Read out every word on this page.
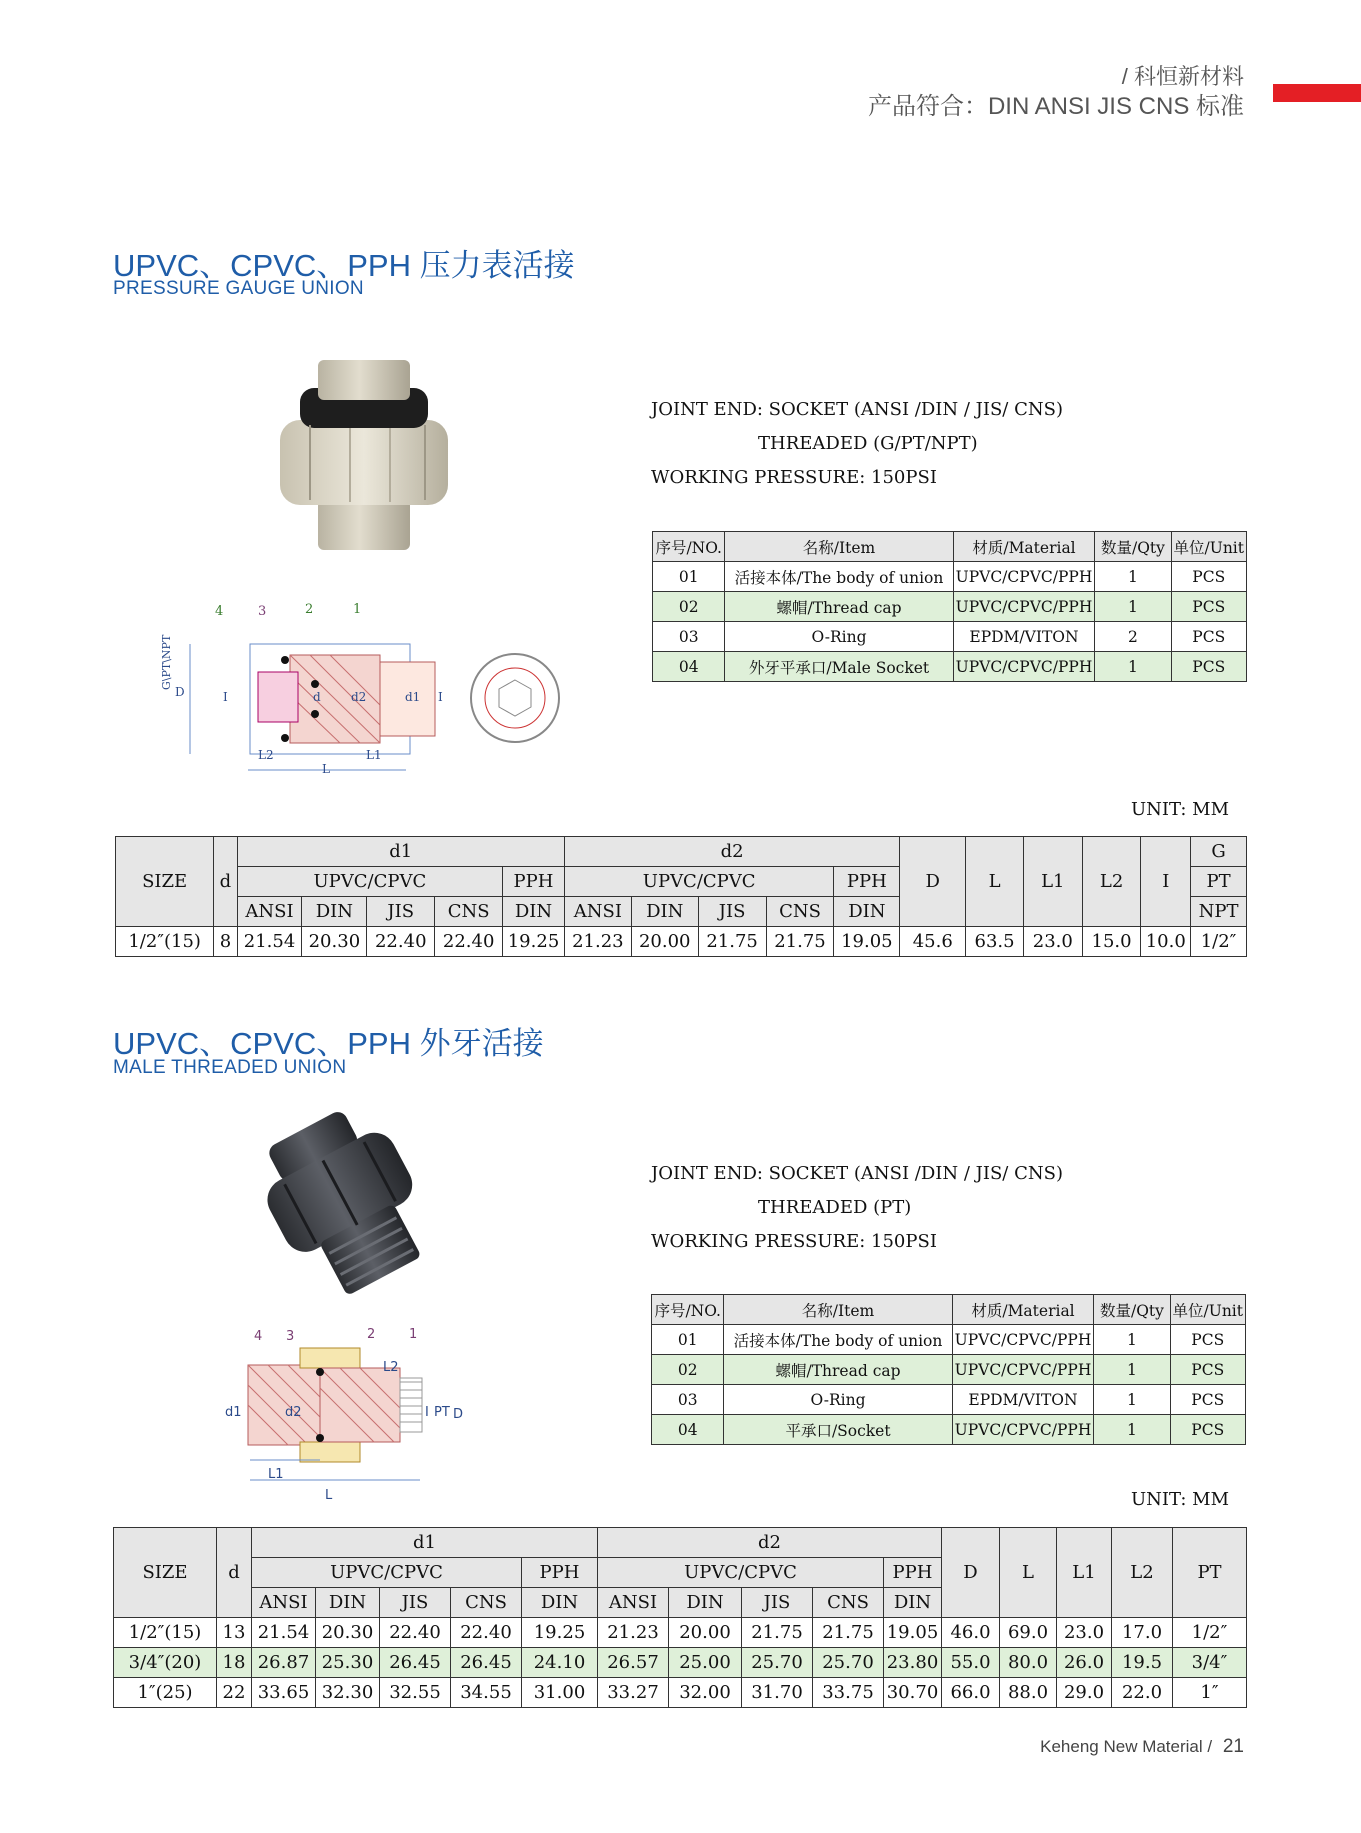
/ 科恒新材料
产品符合：DIN ANSI JIS CNS 标准
UPVC、CPVC、PPH 压力表活接
PRESSURE GAUGE UNION
4	3	2	1
D
G\PT\NPT
I	d	d2	d1
L2
L
L1
I
JOINT END: SOCKET (ANSI /DIN / JIS/ CNS)
THREADED (G/PT/NPT)
WORKING PRESSURE: 150PSI
序号/NO.	名称/Item	材质/Material	数量/Qty	单位/Unit
01	活接本体/The body of union	UPVC/CPVC/PPH	1	PCS
02	螺帽/Thread cap	UPVC/CPVC/PPH	1	PCS
03	O-Ring	EPDM/VITON	2	PCS
04	外牙平承口/Male Socket	UPVC/CPVC/PPH	1	PCS
UNIT: MM
SIZE	d	d1					d2					D	L	L1	L2	I	G
		UPVC/CPVC				PPH	UPVC/CPVC				PPH						PT
		ANSI	DIN	JIS	CNS	DIN	ANSI	DIN	JIS	CNS	DIN						NPT
1/2″(15)	8	21.54	20.30	22.40	22.40	19.25	21.23	20.00	21.75	21.75	19.05	45.6	63.5	23.0	15.0	10.0	1/2″
UPVC、CPVC、PPH 外牙活接
MALE THREADED UNION
4 3	2	1
L2
d1	d2	I PT D
L1
L
JOINT END: SOCKET (ANSI /DIN / JIS/ CNS)
THREADED (PT)
WORKING PRESSURE: 150PSI
序号/NO.	名称/Item	材质/Material	数量/Qty	单位/Unit
01	活接本体/The body of union	UPVC/CPVC/PPH	1	PCS
02	螺帽/Thread cap	UPVC/CPVC/PPH	1	PCS
03	O-Ring	EPDM/VITON	1	PCS
04	平承口/Socket	UPVC/CPVC/PPH	1	PCS
UNIT: MM
SIZE	d	d1					d2					D	L	L1	L2	PT
		UPVC/CPVC				PPH	UPVC/CPVC				PPH					
		ANSI	DIN	JIS	CNS	DIN	ANSI	DIN	JIS	CNS	DIN					
1/2″(15)	13	21.54	20.30	22.40	22.40	19.25	21.23	20.00	21.75	21.75	19.05	46.0	69.0	23.0	17.0	1/2″
3/4″(20)	18	26.87	25.30	26.45	26.45	24.10	26.57	25.00	25.70	25.70	23.80	55.0	80.0	26.0	19.5	3/4″
1″(25)	22	33.65	32.30	32.55	34.55	31.00	33.27	32.00	31.70	33.75	30.70	66.0	88.0	29.0	22.0	1″
Keheng New Material / 21
